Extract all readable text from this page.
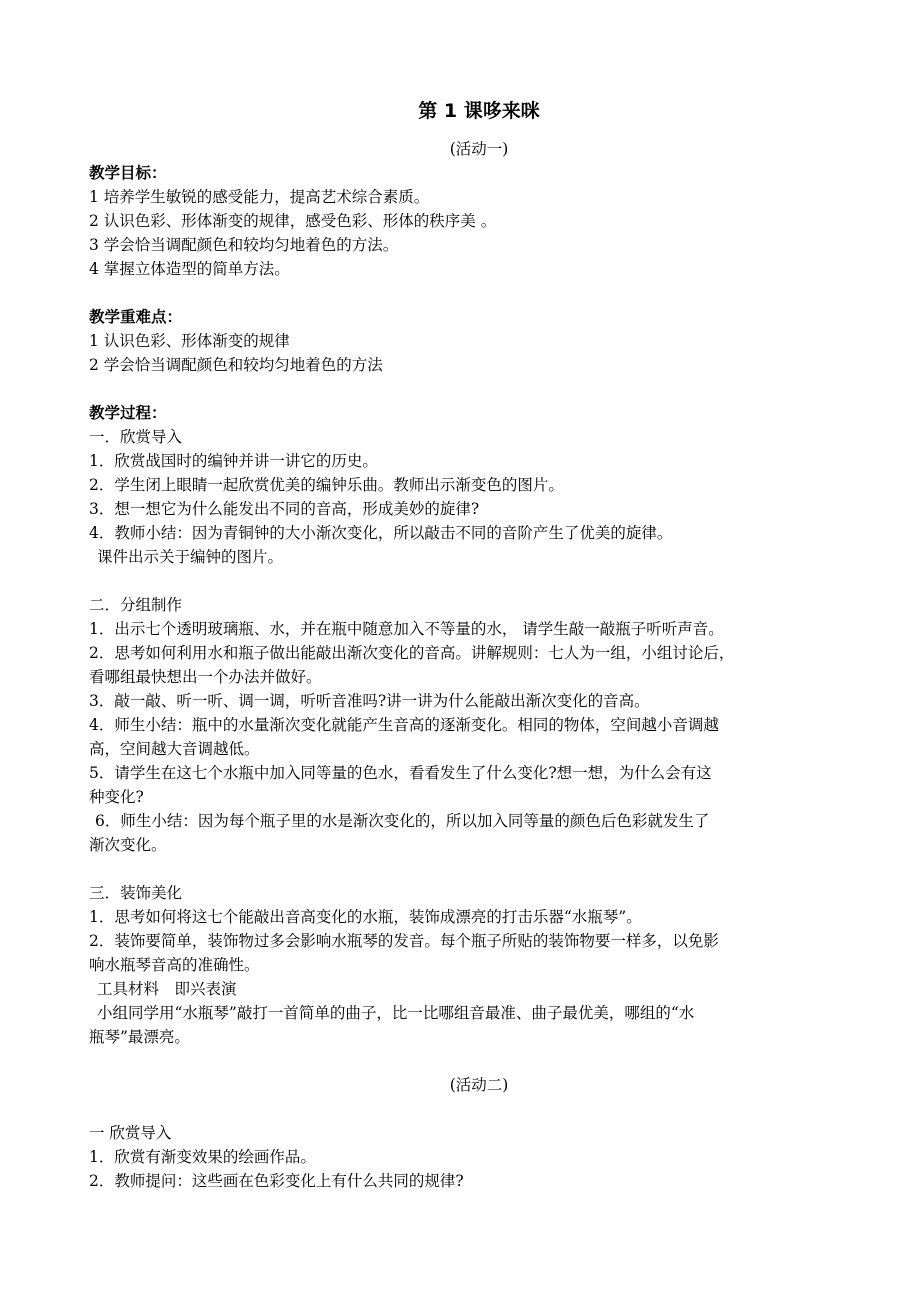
第 1 课哆来咪

(活动一)

教学目标：

1 培养学生敏锐的感受能力，提高艺术综合素质。

2 认识色彩、形体渐变的规律，感受色彩、形体的秩序美 。

3 学会恰当调配颜色和较均匀地着色的方法。

4 掌握立体造型的简单方法。

教学重难点：

1 认识色彩、形体渐变的规律

2 学会恰当调配颜色和较均匀地着色的方法

教学过程：

一．欣赏导入

1．欣赏战国时的编钟并讲一讲它的历史。

2．学生闭上眼睛一起欣赏优美的编钟乐曲。教师出示渐变色的图片。

3．想一想它为什么能发出不同的音高，形成美妙的旋律?

4．教师小结：因为青铜钟的大小渐次变化，所以敲击不同的音阶产生了优美的旋律。

课件出示关于编钟的图片。

二．分组制作

1．出示七个透明玻璃瓶、水，并在瓶中随意加入不等量的水， 请学生敲一敲瓶子听听声音。

2．思考如何利用水和瓶子做出能敲出渐次变化的音高。讲解规则：七人为一组，小组讨论后，

看哪组最快想出一个办法并做好。

3．敲一敲、听一听、调一调，听听音准吗?讲一讲为什么能敲出渐次变化的音高。

4．师生小结：瓶中的水量渐次变化就能产生音高的逐渐变化。相同的物体，空间越小音调越

高，空间越大音调越低。

5．请学生在这七个水瓶中加入同等量的色水，看看发生了什么变化?想一想，为什么会有这

种变化?

6．师生小结：因为每个瓶子里的水是渐次变化的，所以加入同等量的颜色后色彩就发生了

渐次变化。

三．装饰美化

1．思考如何将这七个能敲出音高变化的水瓶，装饰成漂亮的打击乐器“水瓶琴”。

2．装饰要简单，装饰物过多会影响水瓶琴的发音。每个瓶子所贴的装饰物要一样多，以免影

响水瓶琴音高的准确性。

工具材料　即兴表演

小组同学用“水瓶琴”敲打一首简单的曲子，比一比哪组音最准、曲子最优美，哪组的“水

瓶琴”最漂亮。

(活动二)

一 欣赏导入

1．欣赏有渐变效果的绘画作品。

2．教师提问：这些画在色彩变化上有什么共同的规律?
